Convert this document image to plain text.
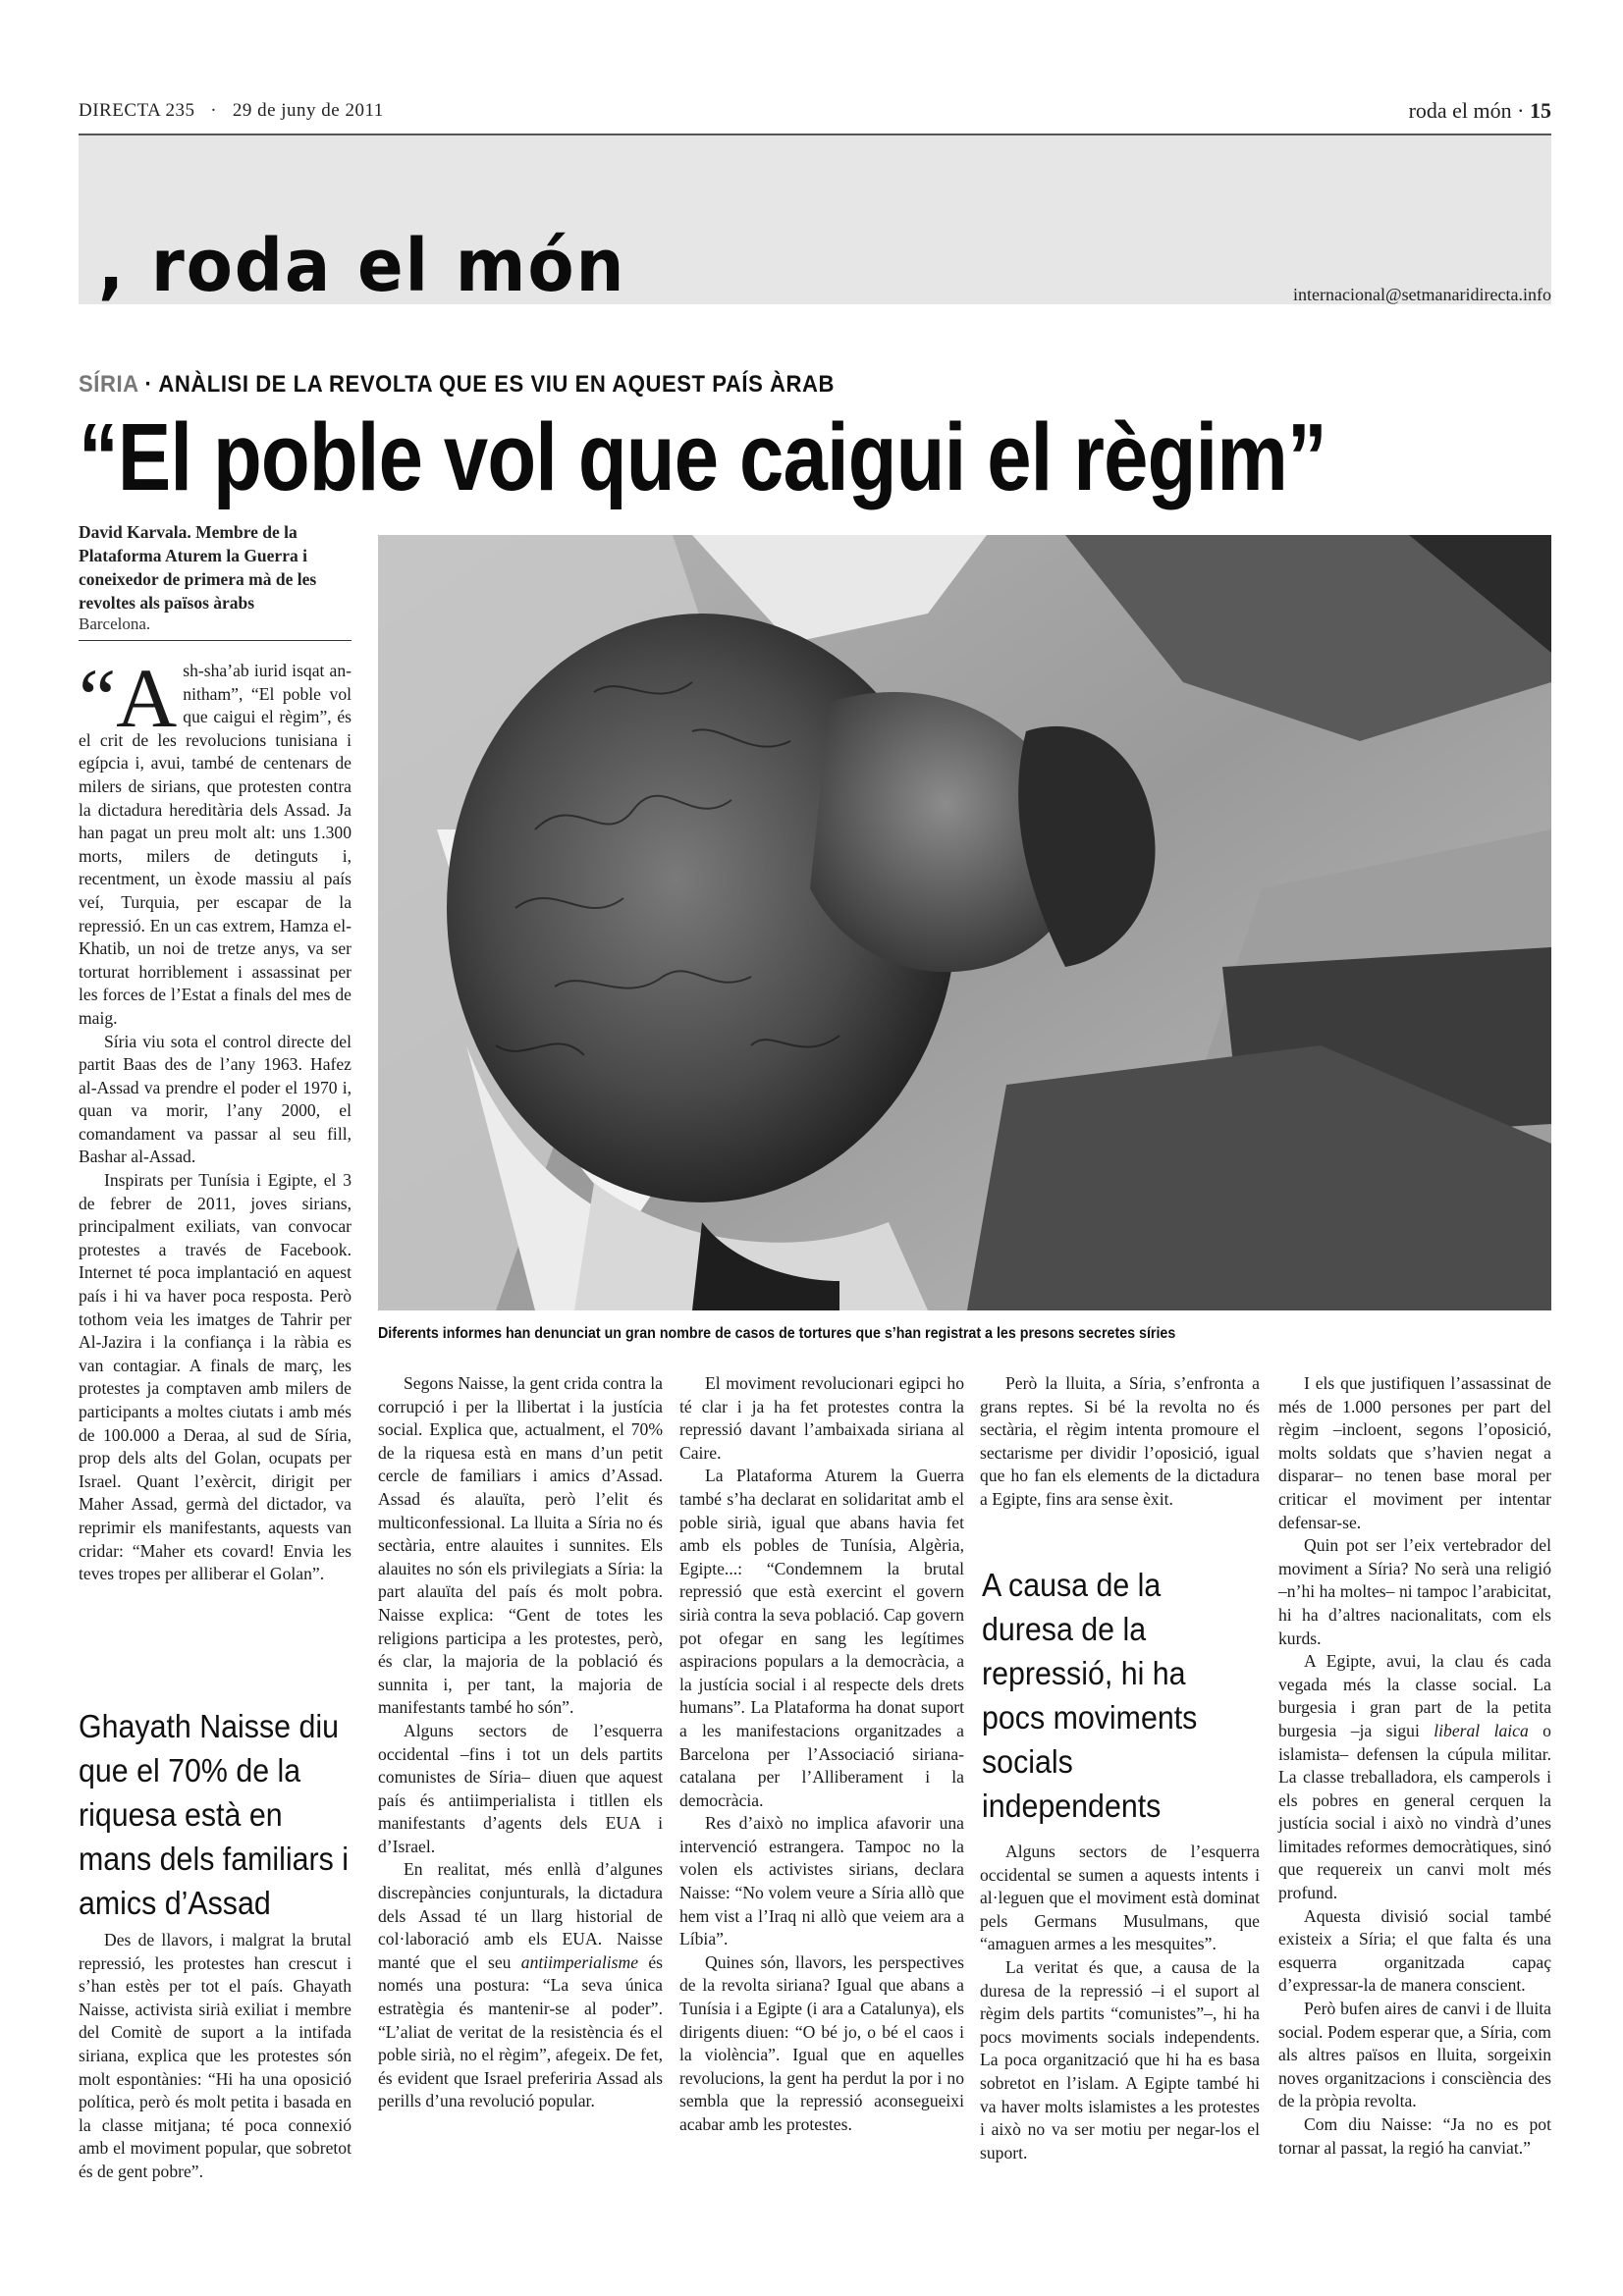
DIRECTA 235 · 29 de juny de 2011	roda el món · 15
, roda el món	internacional@setmanaridirecta.info
SÍRIA · ANÀLISI DE LA REVOLTA QUE ES VIU EN AQUEST PAÍS ÀRAB
“El poble vol que caigui el règim”
David Karvala. Membre de la Plataforma Aturem la Guerra i coneixedor de primera mà de les revoltes als països àrabs
Barcelona.
Diferents informes han denunciat un gran nombre de casos de tortures que s’han registrat a les presons secretes síries

“Ash-sha’ab iurid isqat an-nitham”, “El poble vol que caigui el règim”, és el crit de les revolucions tunisiana i egípcia i, avui, també de centenars de milers de sirians, que protesten contra la dictadura hereditària dels Assad. Ja han pagat un preu molt alt: uns 1.300 morts, milers de detinguts i, recentment, un èxode massiu al país veí, Turquia, per escapar de la repressió. En un cas extrem, Hamza el-Khatib, un noi de tretze anys, va ser torturat horriblement i assassinat per les forces de l’Estat a finals del mes de maig.

Síria viu sota el control directe del partit Baas des de l’any 1963. Hafez al-Assad va prendre el poder el 1970 i, quan va morir, l’any 2000, el comandament va passar al seu fill, Bashar al-Assad.

Inspirats per Tunísia i Egipte, el 3 de febrer de 2011, joves sirians, principalment exiliats, van convocar protestes a través de Facebook. Internet té poca implantació en aquest país i hi va haver poca resposta. Però tothom veia les imatges de Tahrir per Al-Jazira i la confiança i la ràbia es van contagiar. A finals de març, les protestes ja comptaven amb milers de participants a moltes ciutats i amb més de 100.000 a Deraa, al sud de Síria, prop dels alts del Golan, ocupats per Israel. Quant l’exèrcit, dirigit per Maher Assad, germà del dictador, va reprimir els manifestants, aquests van cridar: “Maher ets covard! Envia les teves tropes per alliberar el Golan”.

Ghayath Naisse diu que el 70% de la riquesa està en mans dels familiars i amics d’Assad

Des de llavors, i malgrat la brutal repressió, les protestes han crescut i s’han estès per tot el país. Ghayath Naisse, activista sirià exiliat i membre del Comitè de suport a la intifada siriana, explica que les protestes són molt espontànies: “Hi ha una oposició política, però és molt petita i basada en la classe mitjana; té poca connexió amb el moviment popular, que sobretot és de gent pobre”.

Segons Naisse, la gent crida contra la corrupció i per la llibertat i la justícia social. Explica que, actualment, el 70% de la riquesa està en mans d’un petit cercle de familiars i amics d’Assad. Assad és alauïta, però l’elit és multiconfessional. La lluita a Síria no és sectària, entre alauites i sunnites. Els alauites no són els privilegiats a Síria: la part alauïta del país és molt pobra. Naisse explica: “Gent de totes les religions participa a les protestes, però, és clar, la majoria de la població és sunnita i, per tant, la majoria de manifestants també ho són”.

Alguns sectors de l’esquerra occidental –fins i tot un dels partits comunistes de Síria– diuen que aquest país és antiimperialista i titllen els manifestants d’agents dels EUA i d’Israel.

En realitat, més enllà d’algunes discrepàncies conjunturals, la dictadura dels Assad té un llarg historial de col·laboració amb els EUA. Naisse manté que el seu antiimperialisme és només una postura: “La seva única estratègia és mantenir-se al poder”. “L’aliat de veritat de la resistència és el poble sirià, no el règim”, afegeix. De fet, és evident que Israel preferiria Assad als perills d’una revolució popular.

El moviment revolucionari egipci ho té clar i ja ha fet protestes contra la repressió davant l’ambaixada siriana al Caire.

La Plataforma Aturem la Guerra també s’ha declarat en solidaritat amb el poble sirià, igual que abans havia fet amb els pobles de Tunísia, Algèria, Egipte...: “Condemnem la brutal repressió que està exercint el govern sirià contra la seva població. Cap govern pot ofegar en sang les legítimes aspiracions populars a la democràcia, a la justícia social i al respecte dels drets humans”. La Plataforma ha donat suport a les manifestacions organitzades a Barcelona per l’Associació siriana-catalana per l’Alliberament i la democràcia.

Res d’això no implica afavorir una intervenció estrangera. Tampoc no la volen els activistes sirians, declara Naisse: “No volem veure a Síria allò que hem vist a l’Iraq ni allò que veiem ara a Líbia”.

Quines són, llavors, les perspectives de la revolta siriana? Igual que abans a Tunísia i a Egipte (i ara a Catalunya), els dirigents diuen: “O bé jo, o bé el caos i la violència”. Igual que en aquelles revolucions, la gent ha perdut la por i no sembla que la repressió aconsegueixi acabar amb les protestes.

Però la lluita, a Síria, s’enfronta a grans reptes. Si bé la revolta no és sectària, el règim intenta promoure el sectarisme per dividir l’oposició, igual que ho fan els elements de la dictadura a Egipte, fins ara sense èxit.

A causa de la duresa de la repressió, hi ha pocs moviments socials independents

Alguns sectors de l’esquerra occidental se sumen a aquests intents i al·leguen que el moviment està dominat pels Germans Musulmans, que “amaguen armes a les mesquites”.

La veritat és que, a causa de la duresa de la repressió –i el suport al règim dels partits “comunistes”–, hi ha pocs moviments socials independents. La poca organització que hi ha es basa sobretot en l’islam. A Egipte també hi va haver molts islamistes a les protestes i això no va ser motiu per negar-los el suport.

I els que justifiquen l’assassinat de més de 1.000 persones per part del règim –incloent, segons l’oposició, molts soldats que s’havien negat a disparar– no tenen base moral per criticar el moviment per intentar defensar-se.

Quin pot ser l’eix vertebrador del moviment a Síria? No serà una religió –n’hi ha moltes– ni tampoc l’arabicitat, hi ha d’altres nacionalitats, com els kurds.

A Egipte, avui, la clau és cada vegada més la classe social. La burgesia i gran part de la petita burgesia –ja sigui liberal laica o islamista– defensen la cúpula militar. La classe treballadora, els camperols i els pobres en general cerquen la justícia social i això no vindrà d’unes limitades reformes democràtiques, sinó que requereix un canvi molt més profund.

Aquesta divisió social també existeix a Síria; el que falta és una esquerra organitzada capaç d’expressar-la de manera conscient.

Però bufen aires de canvi i de lluita social. Podem esperar que, a Síria, com als altres països en lluita, sorgeixin noves organitzacions i consciència des de la pròpia revolta.

Com diu Naisse: “Ja no es pot tornar al passat, la regió ha canviat.”
